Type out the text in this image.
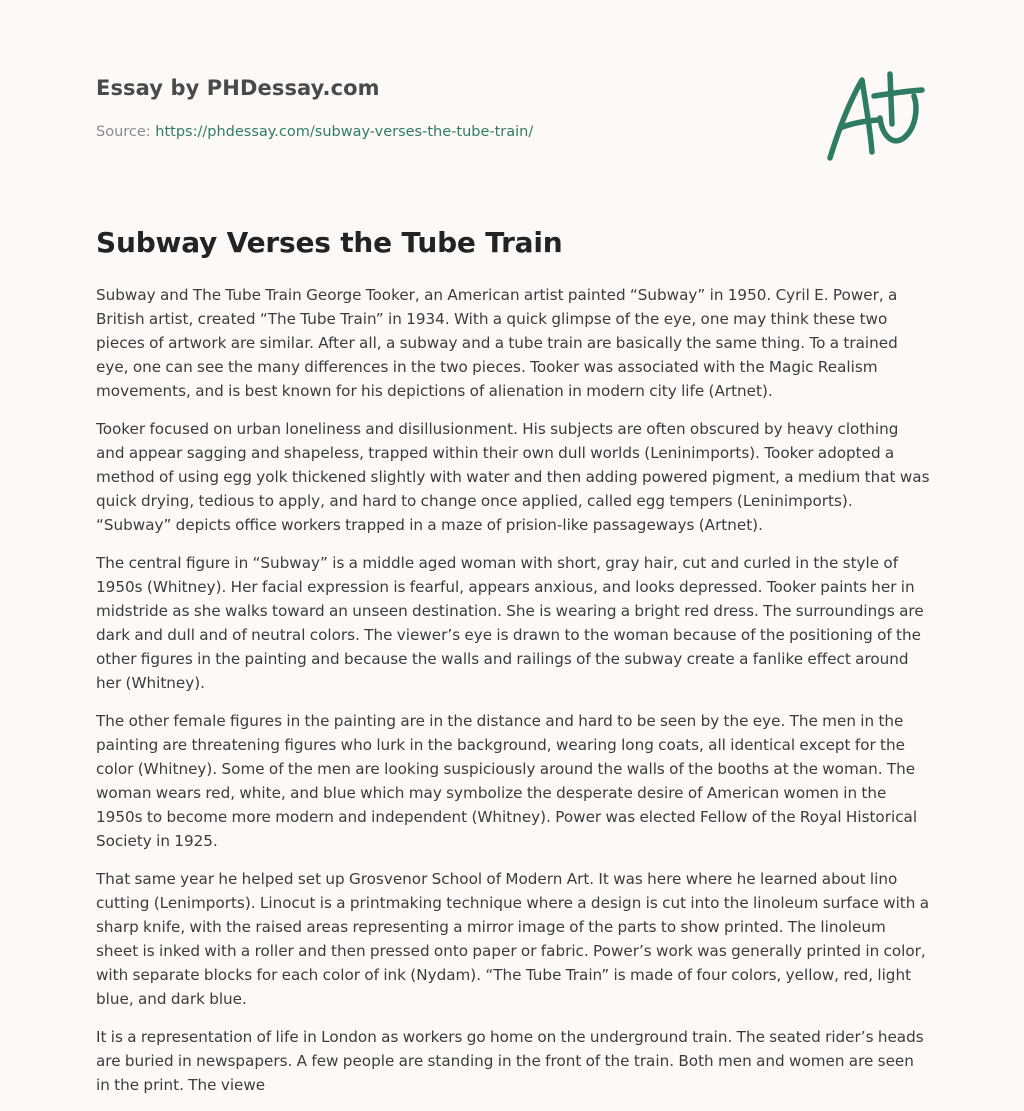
Essay by PHDessay.com

Source: https://phdessay.com/subway-verses-the-tube-train/

Subway Verses the Tube Train

Subway and The Tube Train George Tooker, an American artist painted “Subway” in 1950. Cyril E. Power, a British artist, created “The Tube Train” in 1934. With a quick glimpse of the eye, one may think these two pieces of artwork are similar. After all, a subway and a tube train are basically the same thing. To a trained eye, one can see the many differences in the two pieces. Tooker was associated with the Magic Realism movements, and is best known for his depictions of alienation in modern city life (Artnet).

Tooker focused on urban loneliness and disillusionment. His subjects are often obscured by heavy clothing and appear sagging and shapeless, trapped within their own dull worlds (Leninimports). Tooker adopted a method of using egg yolk thickened slightly with water and then adding powered pigment, a medium that was quick drying, tedious to apply, and hard to change once applied, called egg tempers (Leninimports). “Subway” depicts office workers trapped in a maze of prision-like passageways (Artnet).

The central figure in “Subway” is a middle aged woman with short, gray hair, cut and curled in the style of 1950s (Whitney). Her facial expression is fearful, appears anxious, and looks depressed. Tooker paints her in midstride as she walks toward an unseen destination. She is wearing a bright red dress. The surroundings are dark and dull and of neutral colors. The viewer’s eye is drawn to the woman because of the positioning of the other figures in the painting and because the walls and railings of the subway create a fanlike effect around her (Whitney).

The other female figures in the painting are in the distance and hard to be seen by the eye. The men in the painting are threatening figures who lurk in the background, wearing long coats, all identical except for the color (Whitney). Some of the men are looking suspiciously around the walls of the booths at the woman. The woman wears red, white, and blue which may symbolize the desperate desire of American women in the 1950s to become more modern and independent (Whitney). Power was elected Fellow of the Royal Historical Society in 1925.

That same year he helped set up Grosvenor School of Modern Art. It was here where he learned about lino cutting (Lenimports). Linocut is a printmaking technique where a design is cut into the linoleum surface with a sharp knife, with the raised areas representing a mirror image of the parts to show printed. The linoleum sheet is inked with a roller and then pressed onto paper or fabric. Power’s work was generally printed in color, with separate blocks for each color of ink (Nydam). “The Tube Train” is made of four colors, yellow, red, light blue, and dark blue.

It is a representation of life in London as workers go home on the underground train. The seated rider’s heads are buried in newspapers. A few people are standing in the front of the train. Both men and women are seen in the print. The viewe
